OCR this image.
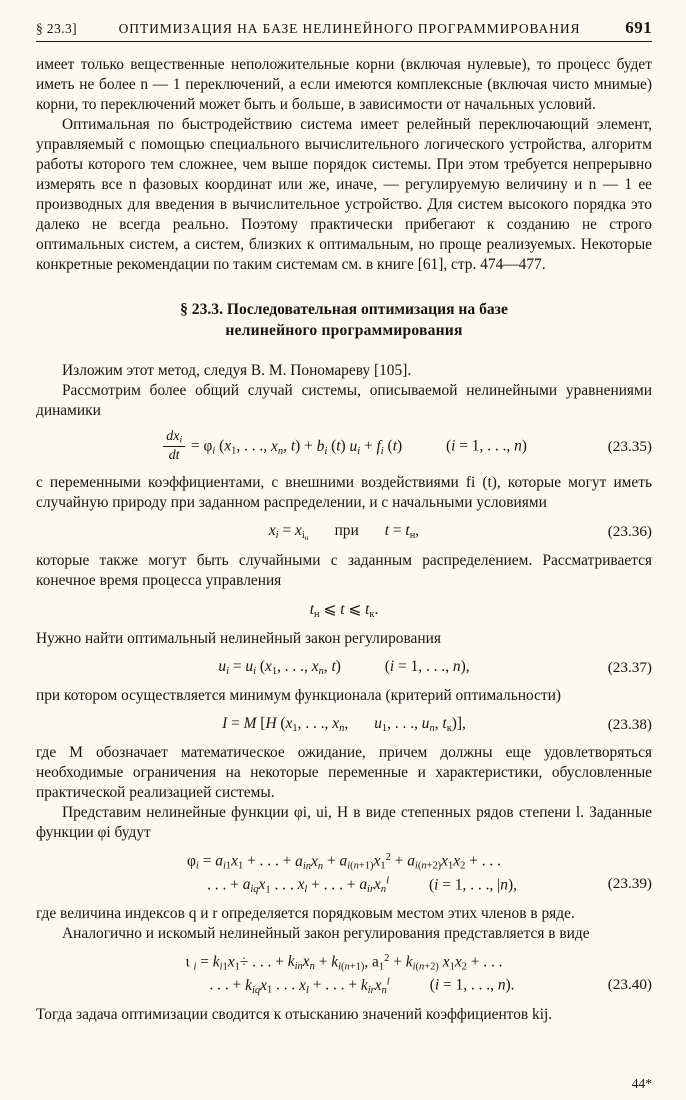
§ 23.3]	ОПТИМИЗАЦИЯ НА БАЗЕ НЕЛИНЕЙНОГО ПРОГРАММИРОВАНИЯ	691

имеет только вещественные неположительные корни (включая нулевые), то процесс будет иметь не более n — 1 переключений, а если имеются комплексные (включая чисто мнимые) корни, то переключений может быть и больше, в зависимости от начальных условий.

Оптимальная по быстродействию система имеет релейный переключающий элемент, управляемый с помощью специального вычислительного логического устройства, алгоритм работы которого тем сложнее, чем выше порядок системы. При этом требуется непрерывно измерять все n фазовых координат или же, иначе, — регулируемую величину и n — 1 ее производных для введения в вычислительное устройство. Для систем высокого порядка это далеко не всегда реально. Поэтому практически прибегают к созданию не строго оптимальных систем, а систем, близких к оптимальным, но проще реализуемых. Некоторые конкретные рекомендации по таким системам см. в книге [61], стр. 474—477.

§ 23.3. Последовательная оптимизация на базе
нелинейного программирования

Изложим этот метод, следуя В. М. Пономареву [105].

Рассмотрим более общий случай системы, описываемой нелинейными уравнениями динамики

$\frac{dx_i}{dt} = \varphi_i$ ($x_1$, . . ., $x_n$, $t) + b_i$ (t) $u_i + f_i$ (t)	(i = 1, . . ., n)	(23.35)

с переменными коэффициентами, с внешними воздействиями fi (t), которые могут иметь случайную природу при заданном распределении, и с начальными условиями

$x_i = x_{i_н}$ при $t = t_н$,	(23.36)

которые также могут быть случайными с заданным распределением. Рассматривается конечное время процесса управления

$t_н$ ⩽ t ⩽ $t_к$.

Нужно найти оптимальный нелинейный закон регулирования

$u_i = u_i$ ($x_1$, . . ., $x_n$, t)	(i = 1, . . ., n),	(23.37)

при котором осуществляется минимум функционала (критерий оптимальности)

I = M [H ($x_1$, . . ., $x_n$, $u_1$, . . ., $u_n$, $t_к$)],	(23.38)

где M обозначает математическое ожидание, причем должны еще удовлетворяться необходимые ограничения на некоторые переменные и характеристики, обусловленные практической реализацией системы.

Представим нелинейные функции φi, ui, H в виде степенных рядов степени l. Заданные функции φi будут

$\varphi_i = a_{i1}x_1$ + . . . + $a_{in}x_n + a_{i(n+1)}x_1^2 + a_{i(n+2)}x_1x_2$ + . . .
. . . + $a_{iq}x_1$ . . . $x_l$ + . . . + $a_{ir}x_n^l$	(i = 1, . . ., |n),	(23.39)

где величина индексов q и r определяется порядковым местом этих членов в ряде.

Аналогично и искомый нелинейный закон регулирования представляется в виде

ι $_i = k_{i1}x_1\div$ . . . + $k_{in}x_n + k_{i(n+1)}$, $а_1^2 + k_{i(n+2)}$ $x_1x_2$ + . . .
. . . + $k_{iq}x_1$ . . . $x_l$ + . . . + $k_{ir}x_n^l$	(i = 1, . . ., n).	(23.40)

Тогда задача оптимизации сводится к отысканию значений коэффициентов kij.

44*
